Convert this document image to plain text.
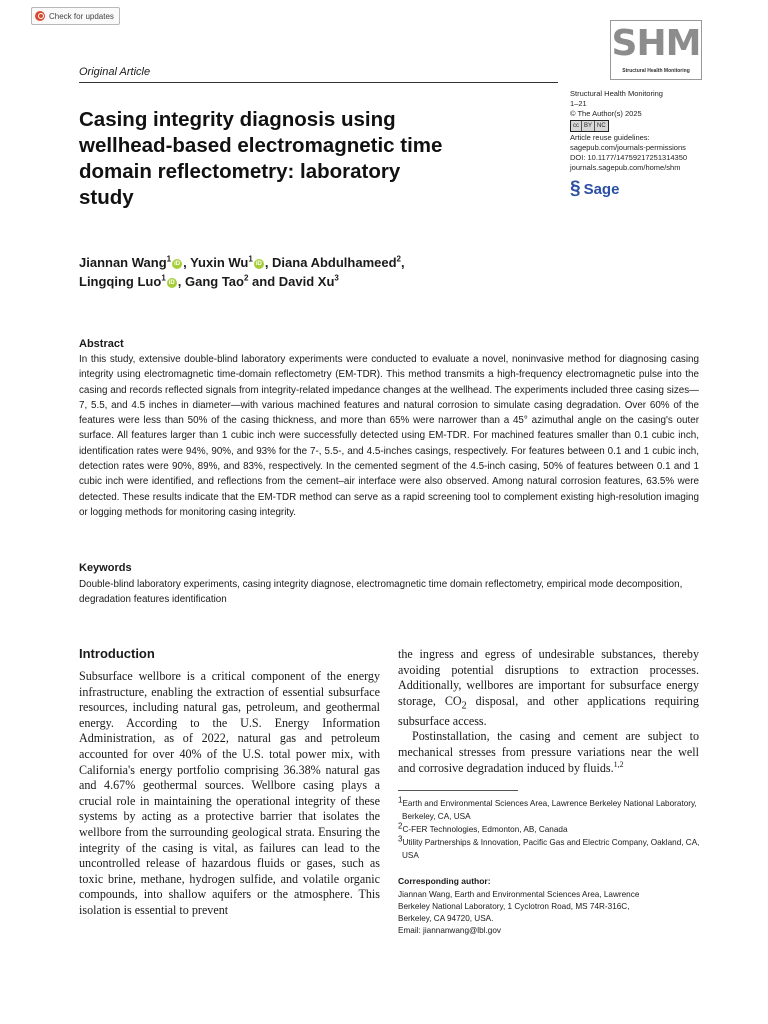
Check for updates
Original Article
SHM
Structural Health Monitoring
Structural Health Monitoring
1–21
© The Author(s) 2025
cc BY NC
Article reuse guidelines:
sagepub.com/journals-permissions
DOI: 10.1177/14759217251314350
journals.sagepub.com/home/shm
§ Sage
Casing integrity diagnosis using wellhead-based electromagnetic time domain reflectometry: laboratory study
Jiannan Wang$^1$ iD , Yuxin Wu$^1$ iD , Diana Abdulhameed$^2$,
Lingqing Luo$^1$ iD , Gang Tao$^2$ and David Xu$^3$
Abstract
In this study, extensive double-blind laboratory experiments were conducted to evaluate a novel, noninvasive method for diagnosing casing integrity using electromagnetic time-domain reflectometry (EM-TDR). This method transmits a high-frequency electromagnetic pulse into the casing and records reflected signals from integrity-related impedance changes at the wellhead. The experiments included three casing sizes—7, 5.5, and 4.5 inches in diameter—with various machined features and natural corrosion to simulate casing degradation. Over 60% of the features were less than 50% of the casing thickness, and more than 65% were narrower than a 45° azimuthal angle on the casing's outer surface. All features larger than 1 cubic inch were successfully detected using EM-TDR. For machined features smaller than 0.1 cubic inch, identification rates were 94%, 90%, and 93% for the 7-, 5.5-, and 4.5-inches casings, respectively. For features between 0.1 and 1 cubic inch, detection rates were 90%, 89%, and 83%, respectively. In the cemented segment of the 4.5-inch casing, 50% of features between 0.1 and 1 cubic inch were identified, and reflections from the cement–air interface were also observed. Among natural corrosion features, 63.5% were detected. These results indicate that the EM-TDR method can serve as a rapid screening tool to complement existing high-resolution imaging or logging methods for monitoring casing integrity.
Keywords
Double-blind laboratory experiments, casing integrity diagnose, electromagnetic time domain reflectometry, empirical mode decomposition, degradation features identification
Introduction
Subsurface wellbore is a critical component of the energy infrastructure, enabling the extraction of essential subsurface resources, including natural gas, petroleum, and geothermal energy. According to the U.S. Energy Information Administration, as of 2022, natural gas and petroleum accounted for over 40% of the U.S. total power mix, with California's energy portfolio comprising 36.38% natural gas and 4.67% geothermal sources. Wellbore casing plays a crucial role in maintaining the operational integrity of these systems by acting as a protective barrier that isolates the wellbore from the surrounding geological strata. Ensuring the integrity of the casing is vital, as failures can lead to the uncontrolled release of hazardous fluids or gases, such as toxic brine, methane, hydrogen sulfide, and volatile organic compounds, into shallow aquifers or the atmosphere. This isolation is essential to prevent

the ingress and egress of undesirable substances, thereby avoiding potential disruptions to extraction processes. Additionally, wellbores are important for subsurface energy storage, $CO_2$ disposal, and other applications requiring subsurface access.

Postinstallation, the casing and cement are subject to mechanical stresses from pressure variations near the well and corrosive degradation induced by fluids.$^{1,2}$

$^1$Earth and Environmental Sciences Area, Lawrence Berkeley National Laboratory, Berkeley, CA, USA
$^2$C-FER Technologies, Edmonton, AB, Canada
$^3$Utility Partnerships & Innovation, Pacific Gas and Electric Company, Oakland, CA, USA
Corresponding author:
Jiannan Wang, Earth and Environmental Sciences Area, Lawrence
Berkeley National Laboratory, 1 Cyclotron Road, MS 74R-316C,
Berkeley, CA 94720, USA.
Email: jiannanwang@lbl.gov
